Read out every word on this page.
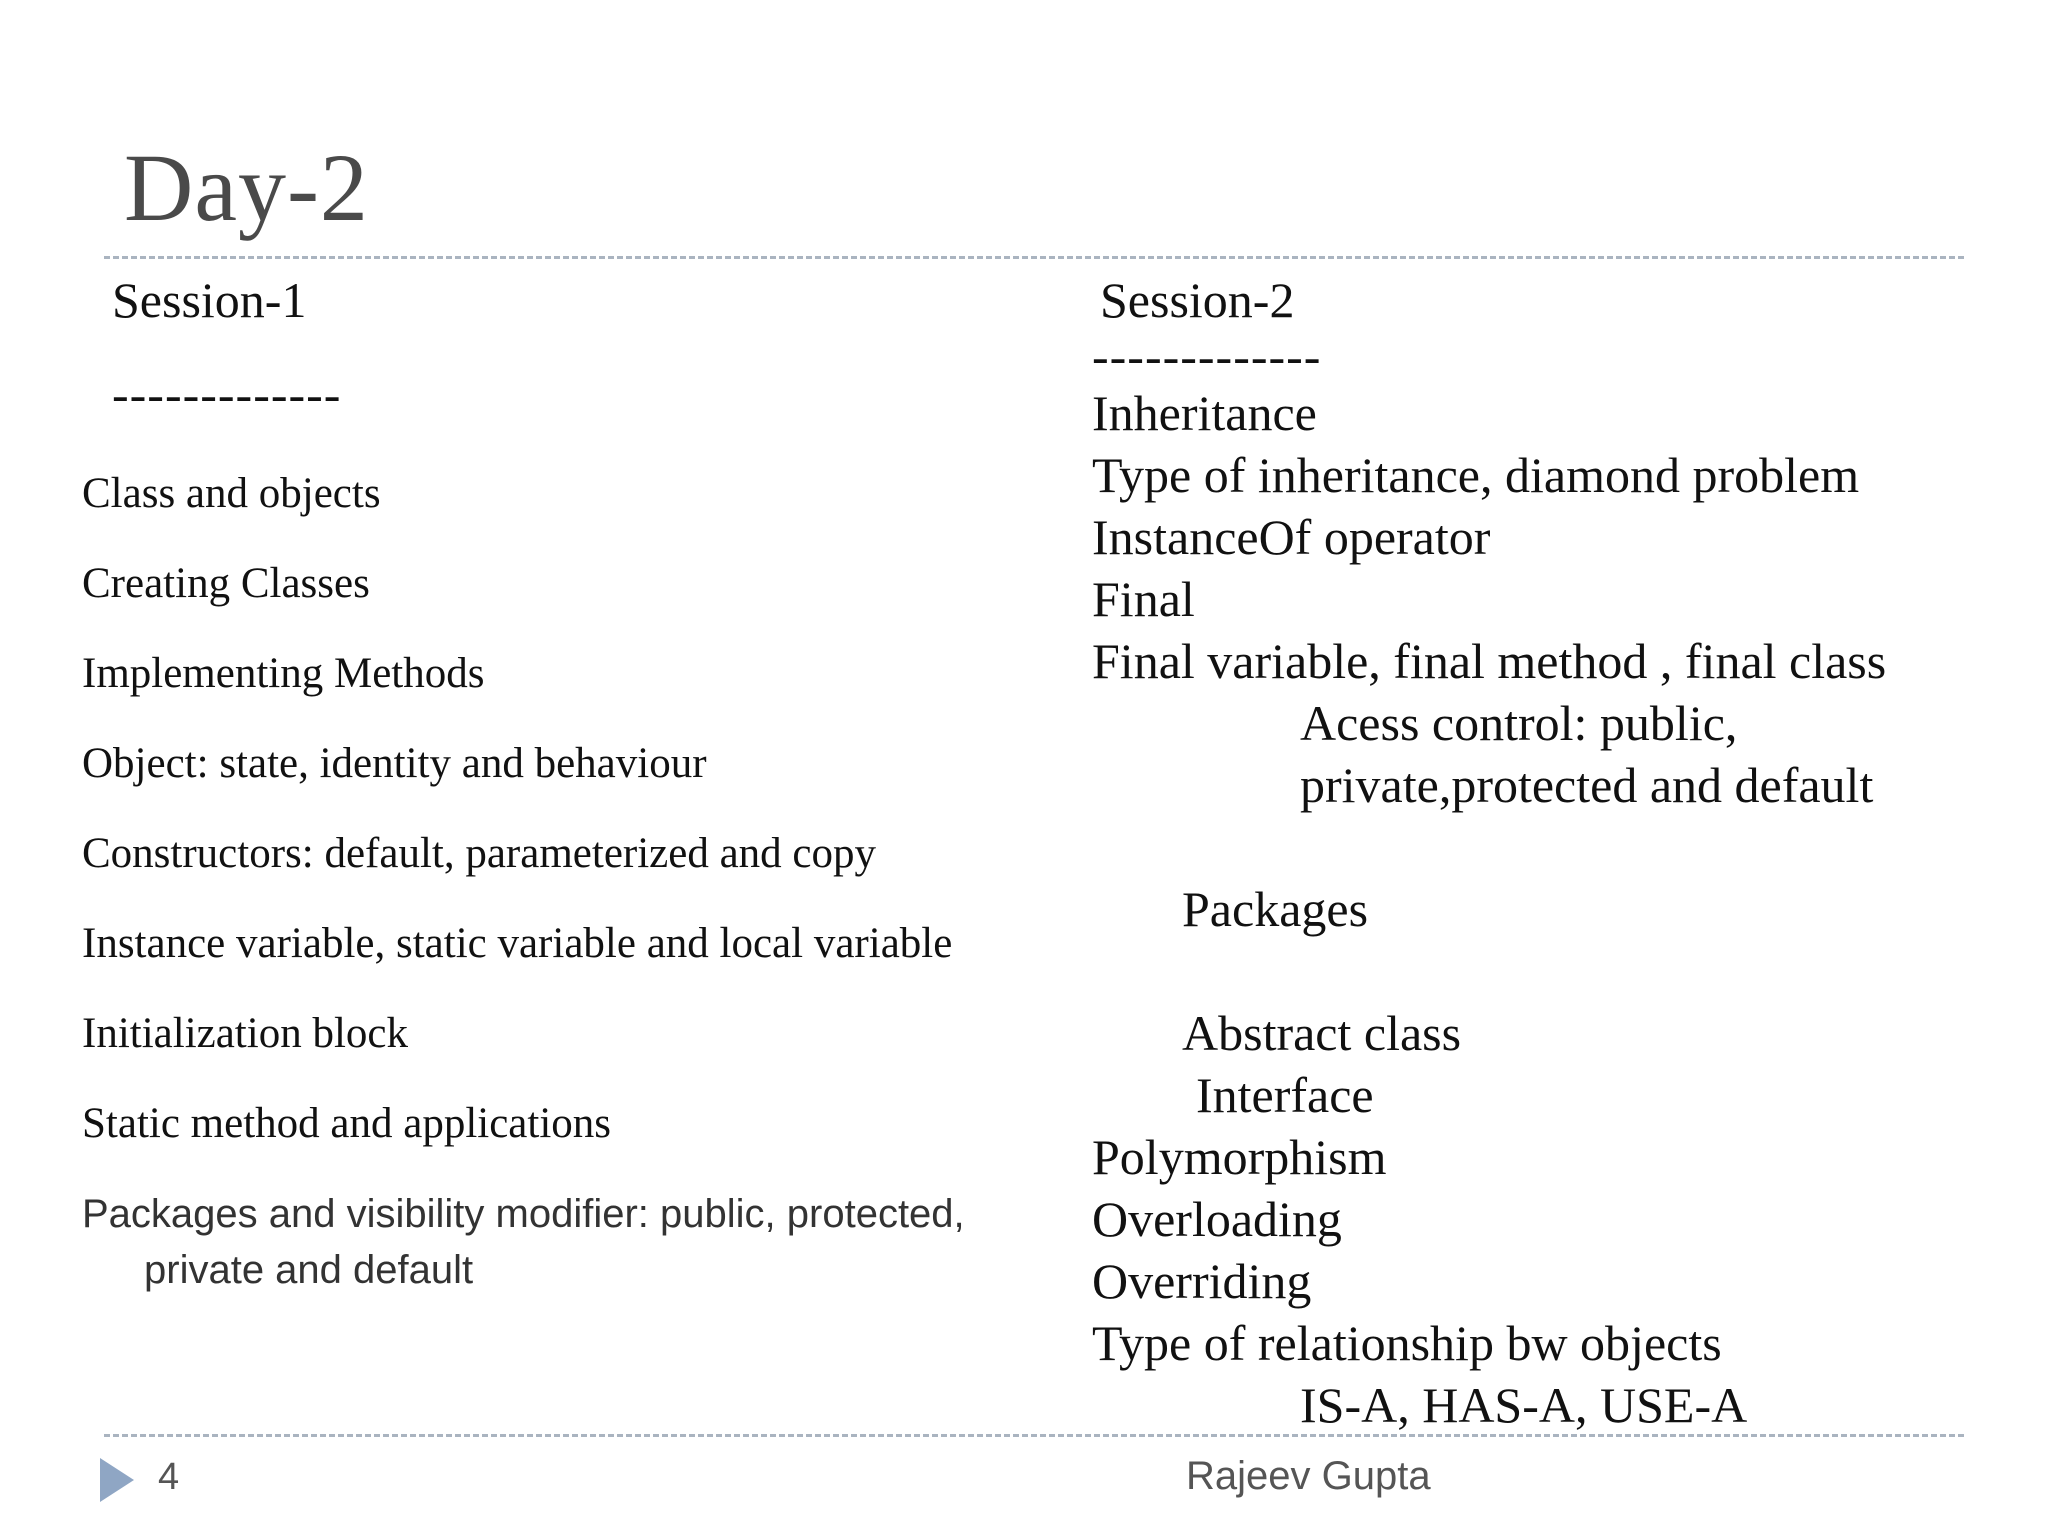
Day-2
Session-1
-------------
Class and objects
Creating Classes
Implementing Methods
Object: state, identity and behaviour
Constructors: default, parameterized and copy
Instance variable, static variable and local variable
Initialization block
Static method and applications
Packages and visibility modifier: public, protected, private and default
Session-2
-------------
Inheritance
Type of inheritance, diamond problem
InstanceOf operator
Final
Final variable, final method , final class
Acess control: public,
private,protected and default
Packages
Abstract class
Interface
Polymorphism
Overloading
Overriding
Type of relationship bw objects
IS-A, HAS-A, USE-A
4	Rajeev Gupta
